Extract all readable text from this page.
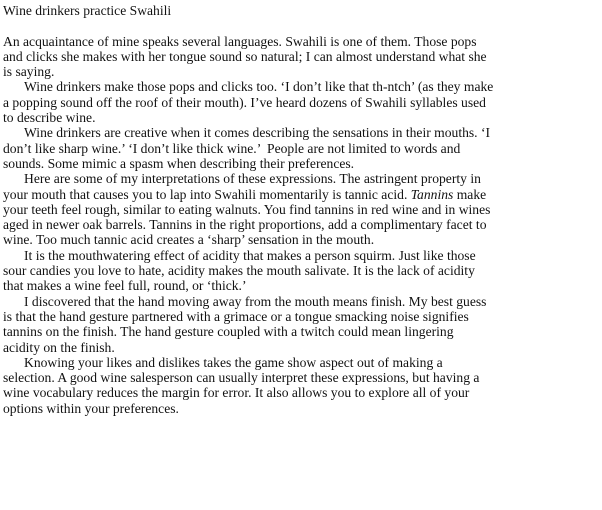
Wine drinkers practice Swahili
An acquaintance of mine speaks several languages. Swahili is one of them. Those pops
and clicks she makes with her tongue sound so natural; I can almost understand what she
is saying.
Wine drinkers make those pops and clicks too. ‘I don’t like that th-ntch’ (as they make
a popping sound off the roof of their mouth). I’ve heard dozens of Swahili syllables used
to describe wine.
Wine drinkers are creative when it comes describing the sensations in their mouths. ‘I
don’t like sharp wine.’ ‘I don’t like thick wine.’  People are not limited to words and
sounds. Some mimic a spasm when describing their preferences.
Here are some of my interpretations of these expressions. The astringent property in
your mouth that causes you to lap into Swahili momentarily is tannic acid. Tannins make
your teeth feel rough, similar to eating walnuts. You find tannins in red wine and in wines
aged in newer oak barrels. Tannins in the right proportions, add a complimentary facet to
wine. Too much tannic acid creates a ‘sharp’ sensation in the mouth.
It is the mouthwatering effect of acidity that makes a person squirm. Just like those
sour candies you love to hate, acidity makes the mouth salivate. It is the lack of acidity
that makes a wine feel full, round, or ‘thick.’
I discovered that the hand moving away from the mouth means finish. My best guess
is that the hand gesture partnered with a grimace or a tongue smacking noise signifies
tannins on the finish. The hand gesture coupled with a twitch could mean lingering
acidity on the finish.
Knowing your likes and dislikes takes the game show aspect out of making a
selection. A good wine salesperson can usually interpret these expressions, but having a
wine vocabulary reduces the margin for error. It also allows you to explore all of your
options within your preferences.
